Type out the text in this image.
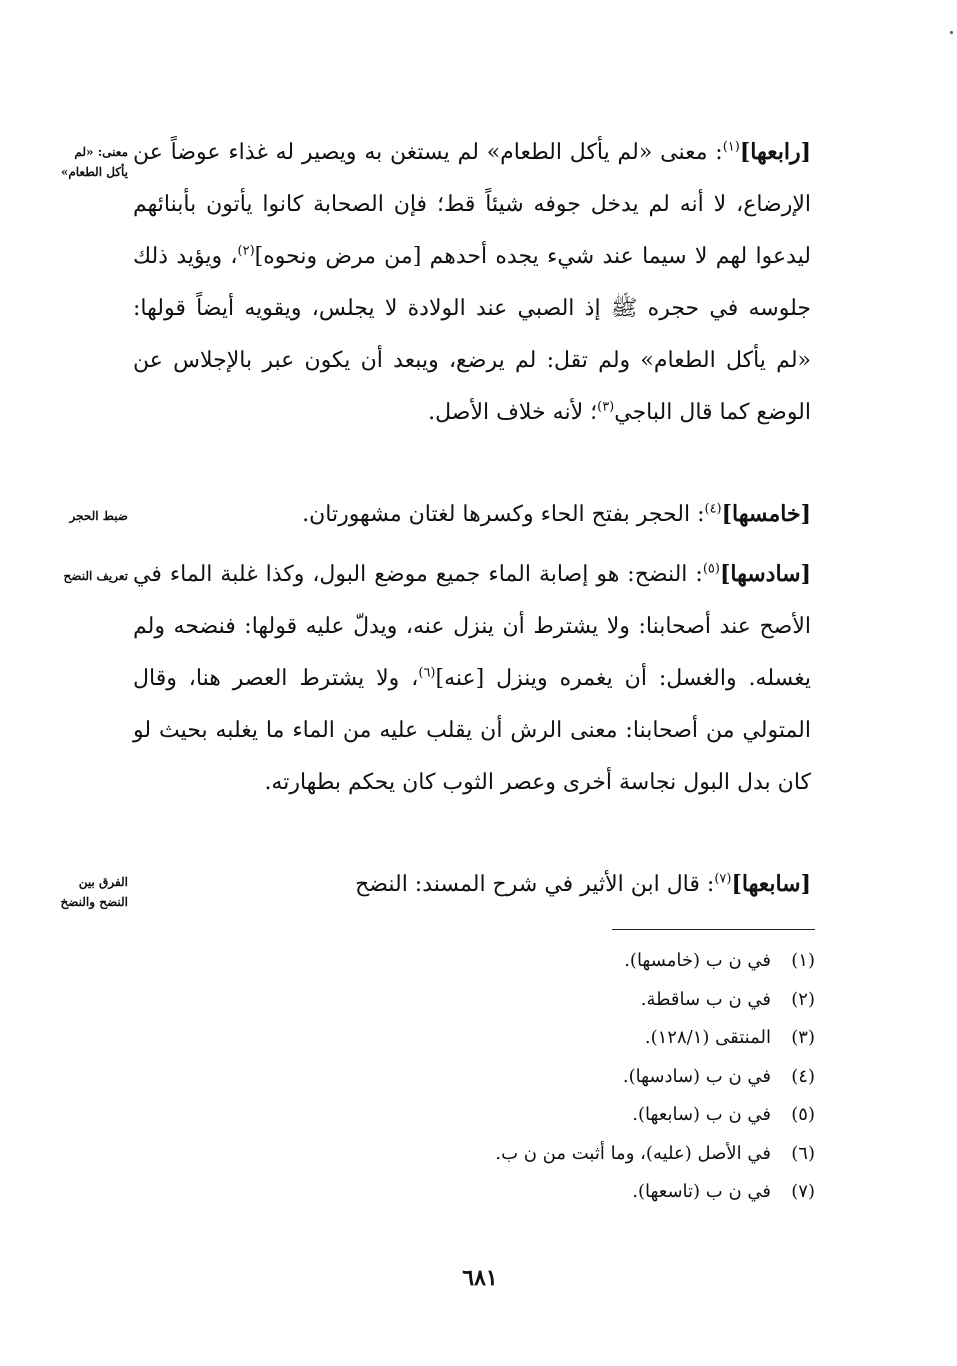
[رابعها]$^{(١)}$: معنى «لم يأكل الطعام» لم يستغن به ويصير له غذاء عوضاً عن الإرضاع، لا أنه لم يدخل جوفه شيئاً قط؛ فإن الصحابة كانوا يأتون بأبنائهم ليدعوا لهم لا سيما عند شيء يجده أحدهم [من مرض ونحوه]$^{(٢)}$، ويؤيد ذلك جلوسه في حجره ﷺ إذ الصبي عند الولادة لا يجلس، ويقويه أيضاً قولها: «لم يأكل الطعام» ولم تقل: لم يرضع، ويبعد أن يكون عبر بالإجلاس عن الوضع كما قال الباجي$^{(٣)}$؛ لأنه خلاف الأصل.

[خامسها]$^{(٤)}$: الحجر بفتح الحاء وكسرها لغتان مشهورتان.

[سادسها]$^{(٥)}$: النضح: هو إصابة الماء جميع موضع البول، وكذا غلبة الماء في الأصح عند أصحابنا: ولا يشترط أن ينزل عنه، ويدلّ عليه قولها: فنضحه ولم يغسله. والغسل: أن يغمره وينزل [عنه]$^{(٦)}$، ولا يشترط العصر هنا، وقال المتولي من أصحابنا: معنى الرش أن يقلب عليه من الماء ما يغلبه بحيث لو كان بدل البول نجاسة أخرى وعصر الثوب كان يحكم بطهارته.

[سابعها]$^{(٧)}$: قال ابن الأثير في شرح المسند: النضح

معنى: «لم
يأكل الطعام»
ضبط الحجر
تعريف النضح
الفرق بين
النضح والنضخ
(١)في ن ب (خامسها).
(٢)في ن ب ساقطة.
(٣)المنتقى (١٢٨/١).
(٤)في ن ب (سادسها).
(٥)في ن ب (سابعها).
(٦)في الأصل (عليه)، وما أثبت من ن ب.
(٧)في ن ب (تاسعها).
٦٨١
